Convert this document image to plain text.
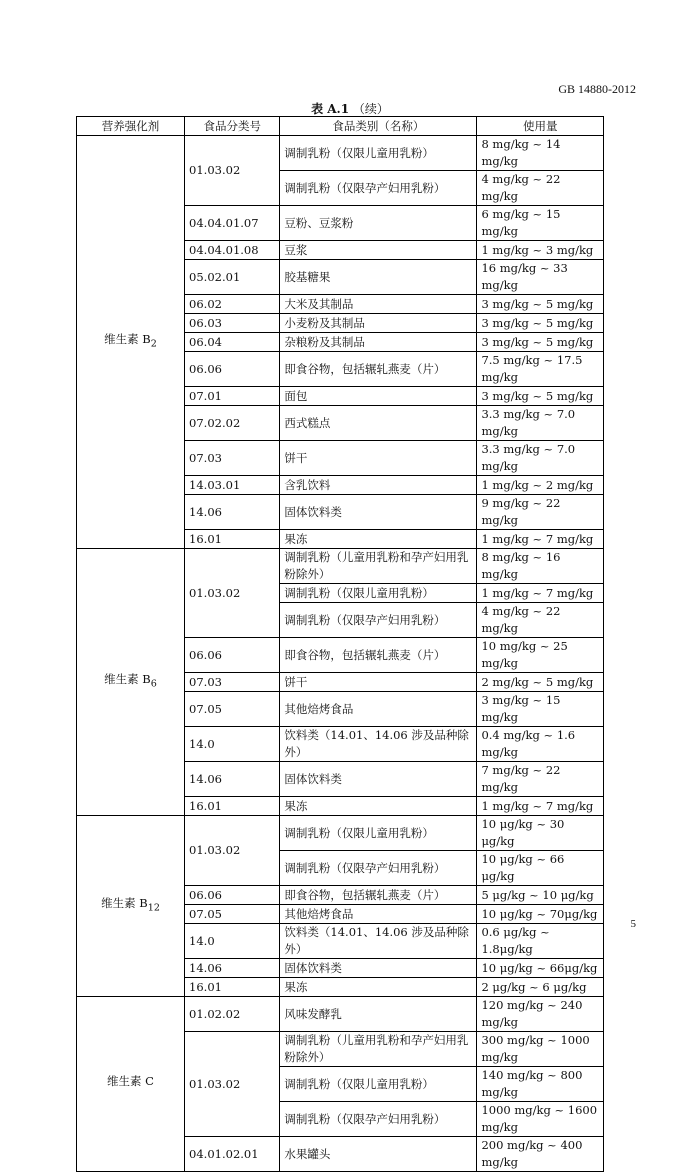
GB 14880-2012
表 A.1 （续）
营养强化剂	食品分类号	食品类别（名称）	使用量
维生素 $B_2$	01.03.02	调制乳粉（仅限儿童用乳粉）	8 mg/kg ~ 14 mg/kg
		调制乳粉（仅限孕产妇用乳粉）	4 mg/kg ~ 22 mg/kg
	04.04.01.07	豆粉、豆浆粉	6 mg/kg ~ 15 mg/kg
	04.04.01.08	豆浆	1 mg/kg ~ 3 mg/kg
	05.02.01	胶基糖果	16 mg/kg ~ 33 mg/kg
	06.02	大米及其制品	3 mg/kg ~ 5 mg/kg
	06.03	小麦粉及其制品	3 mg/kg ~ 5 mg/kg
	06.04	杂粮粉及其制品	3 mg/kg ~ 5 mg/kg
	06.06	即食谷物，包括辗轧燕麦（片）	7.5 mg/kg ~ 17.5 mg/kg
	07.01	面包	3 mg/kg ~ 5 mg/kg
	07.02.02	西式糕点	3.3 mg/kg ~ 7.0 mg/kg
	07.03	饼干	3.3 mg/kg ~ 7.0 mg/kg
	14.03.01	含乳饮料	1 mg/kg ~ 2 mg/kg
	14.06	固体饮料类	9 mg/kg ~ 22 mg/kg
	16.01	果冻	1 mg/kg ~ 7 mg/kg
维生素 $B_6$	01.03.02	调制乳粉（儿童用乳粉和孕产妇用乳粉除外）	8 mg/kg ~ 16 mg/kg
		调制乳粉（仅限儿童用乳粉）	1 mg/kg ~ 7 mg/kg
		调制乳粉（仅限孕产妇用乳粉）	4 mg/kg ~ 22 mg/kg
	06.06	即食谷物，包括辗轧燕麦（片）	10 mg/kg ~ 25 mg/kg
	07.03	饼干	2 mg/kg ~ 5 mg/kg
	07.05	其他焙烤食品	3 mg/kg ~ 15 mg/kg
	14.0	饮料类（14.01、14.06 涉及品种除外）	0.4 mg/kg ~ 1.6 mg/kg
	14.06	固体饮料类	7 mg/kg ~ 22 mg/kg
	16.01	果冻	1 mg/kg ~ 7 mg/kg
维生素 $B_{12}$	01.03.02	调制乳粉（仅限儿童用乳粉）	10 μg/kg ~ 30 μg/kg
		调制乳粉（仅限孕产妇用乳粉）	10 μg/kg ~ 66 μg/kg
	06.06	即食谷物，包括辗轧燕麦（片）	5 μg/kg ~ 10 μg/kg
	07.05	其他焙烤食品	10 μg/kg ~ 70μg/kg
	14.0	饮料类（14.01、14.06 涉及品种除外）	0.6 μg/kg ~ 1.8μg/kg
	14.06	固体饮料类	10 μg/kg ~ 66μg/kg
	16.01	果冻	2 μg/kg ~ 6 μg/kg
维生素 C	01.02.02	风味发酵乳	120 mg/kg ~ 240 mg/kg
	01.03.02	调制乳粉（儿童用乳粉和孕产妇用乳粉除外）	300 mg/kg ~ 1000 mg/kg
		调制乳粉（仅限儿童用乳粉）	140 mg/kg ~ 800 mg/kg
		调制乳粉（仅限孕产妇用乳粉）	1000 mg/kg ~ 1600 mg/kg
	04.01.02.01	水果罐头	200 mg/kg ~ 400 mg/kg
5
